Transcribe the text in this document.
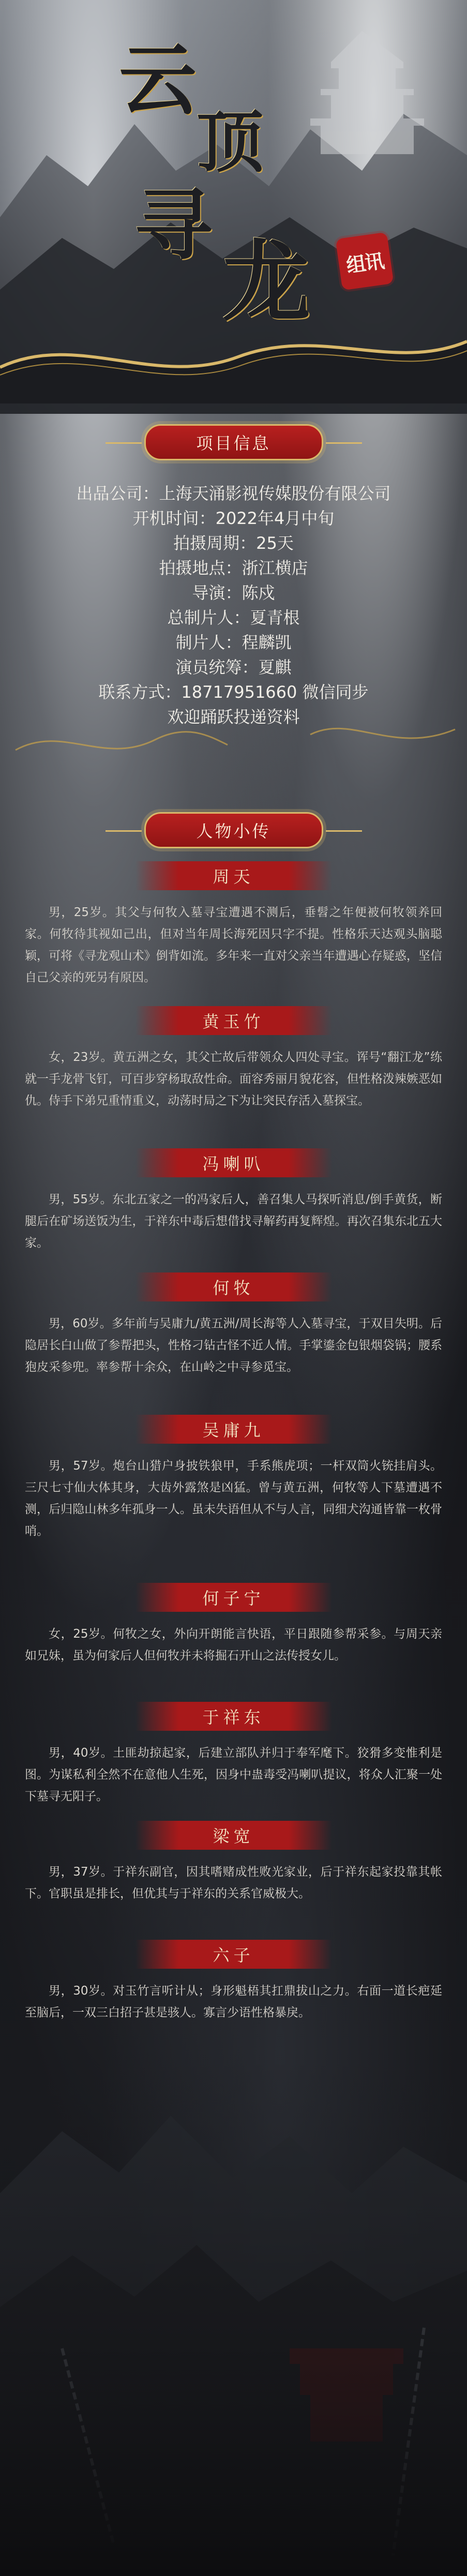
云
顶
寻
龙 组讯
项目信息
出品公司：上海天涌影视传媒股份有限公司
开机时间：2022年4月中旬
拍摄周期：25天
拍摄地点：浙江横店
导演：陈戍
总制片人：夏青根
制片人：程麟凯
演员统筹：夏麒
联系方式：18717951660 微信同步
欢迎踊跃投递资料
人物小传
周天
男，25岁。其父与何牧入墓寻宝遭遇不测后，垂髫之年便被何牧领养回家。何牧待其视如己出，但对当年周长海死因只字不提。性格乐天达观头脑聪颖，可将《寻龙观山术》倒背如流。多年来一直对父亲当年遭遇心存疑惑，坚信自己父亲的死另有原因。
黄玉竹
女，23岁。黄五洲之女，其父亡故后带领众人四处寻宝。诨号“翻江龙”练就一手龙骨飞钉，可百步穿杨取敌性命。面容秀丽月貌花容，但性格泼辣嫉恶如仇。侍手下弟兄重情重义，动荡时局之下为让突民存活入墓探宝。
冯喇叭
男，55岁。东北五家之一的冯家后人，善召集人马探听消息/倒手黄货，断腿后在矿场送饭为生，于祥东中毒后想借找寻解药再复辉煌。再次召集东北五大家。
何牧
男，60岁。多年前与吴庸九/黄五洲/周长海等人入墓寻宝，于双目失明。后隐居长白山做了参帮把头，性格刁钻古怪不近人情。手掌鎏金包银烟袋锅；腰系狍皮采参兜。率参帮十余众，在山岭之中寻参觅宝。
吴庸九
男，57岁。炮台山猎户身披铁狼甲，手系熊虎项；一杆双筒火铳挂肩头。三尺七寸仙大体其身，大齿外露煞是凶猛。曾与黄五洲，何牧等人下墓遭遇不测，后归隐山林多年孤身一人。虽未失语但从不与人言，同细犬沟通皆靠一枚骨哨。
何子宁
女，25岁。何牧之女，外向开朗能言快语，平日跟随参帮采参。与周天亲如兄妹，虽为何家后人但何牧并未将掘石开山之法传授女儿。
于祥东
男，40岁。土匪劫掠起家，后建立部队并归于奉军麾下。狡猾多变惟利是图。为谋私利全然不在意他人生死，因身中蛊毒受冯喇叭提议，将众人汇聚一处下墓寻无阳子。
梁宽
男，37岁。于祥东副官，因其嗜赌成性败光家业，后于祥东起家投靠其帐下。官职虽是排长，但优其与于祥东的关系官威极大。
六子
男，30岁。对玉竹言听计从；身形魁梧其扛鼎拔山之力。右面一道长疤延至脑后，一双三白招子甚是骇人。寡言少语性格暴戾。
